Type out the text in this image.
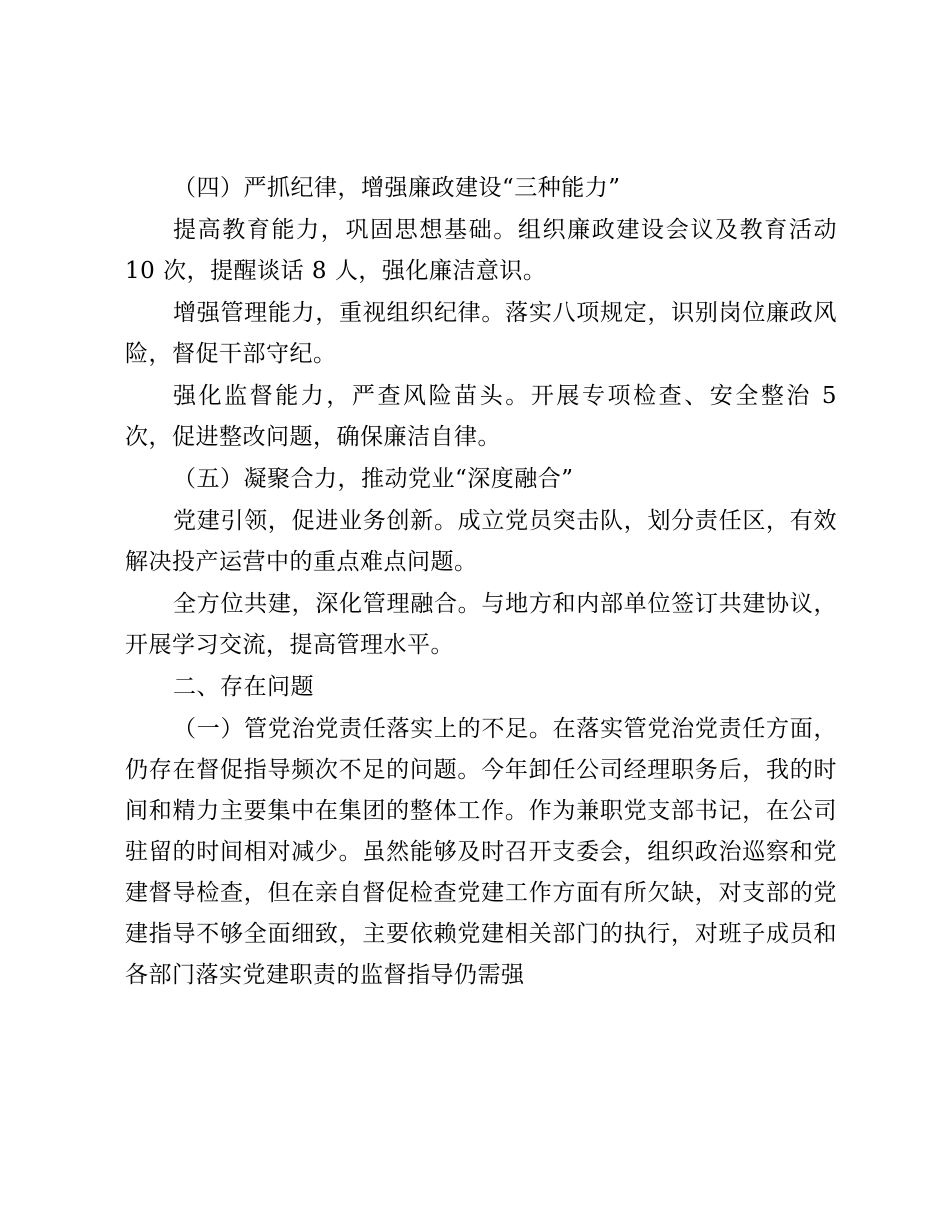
（四）严抓纪律，增强廉政建设“三种能力”

提高教育能力，巩固思想基础。组织廉政建设会议及教育活动 10 次，提醒谈话 8 人，强化廉洁意识。

增强管理能力，重视组织纪律。落实八项规定，识别岗位廉政风险，督促干部守纪。

强化监督能力，严查风险苗头。开展专项检查、安全整治 5 次，促进整改问题，确保廉洁自律。

（五）凝聚合力，推动党业“深度融合”

党建引领，促进业务创新。成立党员突击队，划分责任区，有效解决投产运营中的重点难点问题。

全方位共建，深化管理融合。与地方和内部单位签订共建协议，开展学习交流，提高管理水平。

二、存在问题

（一）管党治党责任落实上的不足。在落实管党治党责任方面，仍存在督促指导频次不足的问题。今年卸任公司经理职务后，我的时间和精力主要集中在集团的整体工作。作为兼职党支部书记，在公司驻留的时间相对减少。虽然能够及时召开支委会，组织政治巡察和党建督导检查，但在亲自督促检查党建工作方面有所欠缺，对支部的党建指导不够全面细致，主要依赖党建相关部门的执行，对班子成员和各部门落实党建职责的监督指导仍需强
